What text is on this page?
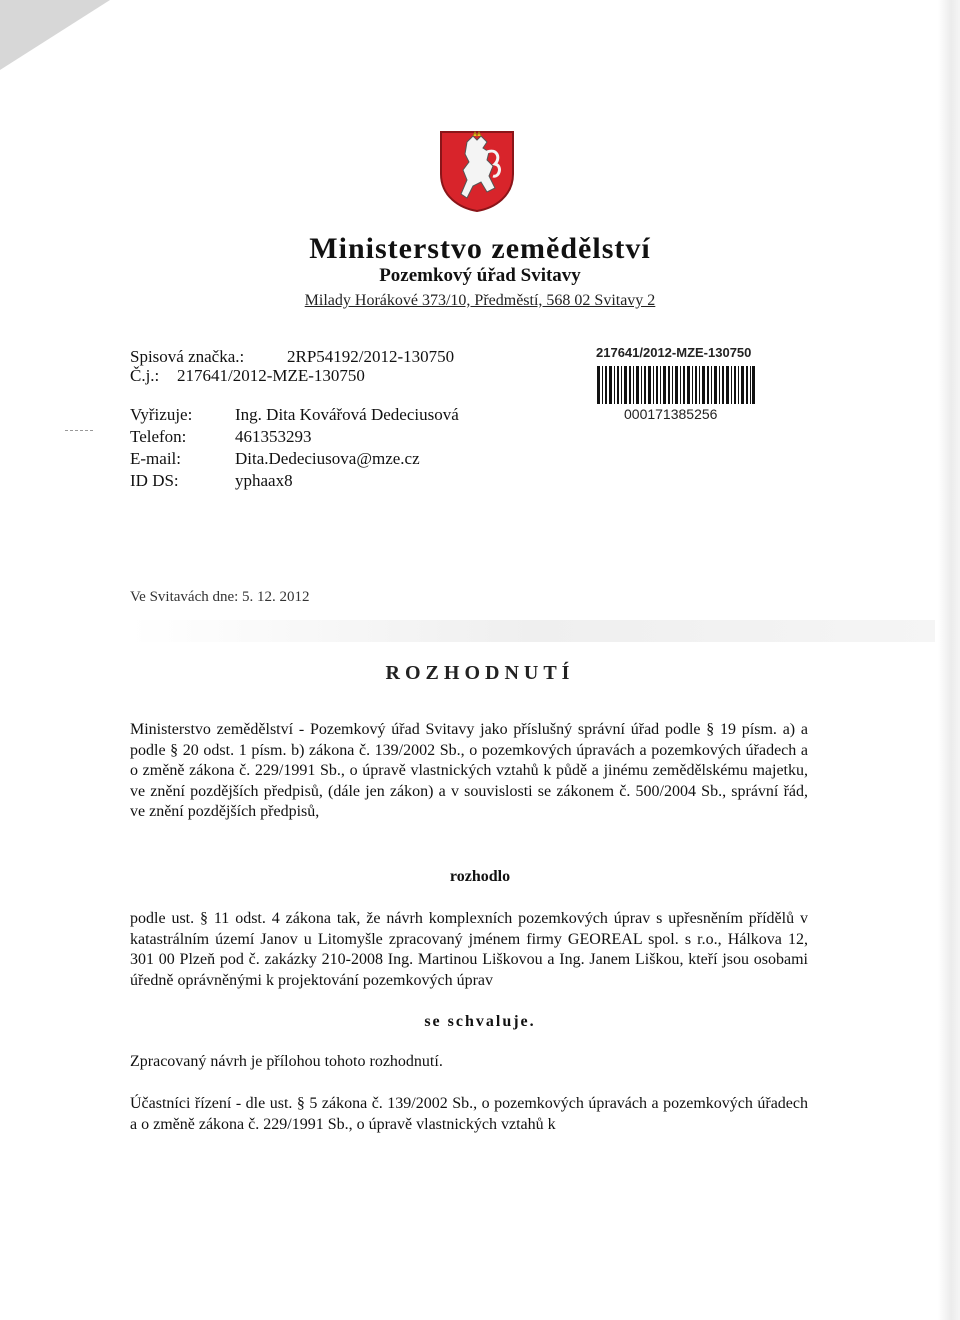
Ministerstvo zemědělství
Pozemkový úřad Svitavy
Milady Horákové 373/10, Předměstí, 568 02 Svitavy 2
Spisová značka.:	2RP54192/2012-130750
Č.j.: 217641/2012-MZE-130750
Vyřizuje:	Ing. Dita Kovářová Dedeciusová
Telefon:	461353293
E-mail:	Dita.Dedeciusova@mze.cz
ID DS:	yphaax8
217641/2012-MZE-130750
000171385256
Ve Svitavách dne: 5. 12. 2012
ROZHODNUTÍ
Ministerstvo zemědělství - Pozemkový úřad Svitavy jako příslušný správní úřad podle § 19 písm. a) a podle § 20 odst. 1 písm. b) zákona č. 139/2002 Sb., o pozemkových úpravách a pozemkových úřadech a o změně zákona č. 229/1991 Sb., o úpravě vlastnických vztahů k půdě a jinému zemědělskému majetku, ve znění pozdějších předpisů, (dále jen zákon) a v souvislosti se zákonem č. 500/2004 Sb., správní řád, ve znění pozdějších předpisů,
rozhodlo
podle ust. § 11 odst. 4 zákona tak, že návrh komplexních pozemkových úprav s upřesněním přídělů v katastrálním území Janov u Litomyšle zpracovaný jménem firmy GEOREAL spol. s r.o., Hálkova 12, 301 00 Plzeň pod č. zakázky 210-2008 Ing. Martinou Liškovou a Ing. Janem Liškou, kteří jsou osobami úředně oprávněnými k projektování pozemkových úprav
se schvaluje.
Zpracovaný návrh je přílohou tohoto rozhodnutí.
Účastníci řízení - dle ust. § 5 zákona č. 139/2002 Sb., o pozemkových úpravách a pozemkových úřadech a o změně zákona č. 229/1991 Sb., o úpravě vlastnických vztahů k
